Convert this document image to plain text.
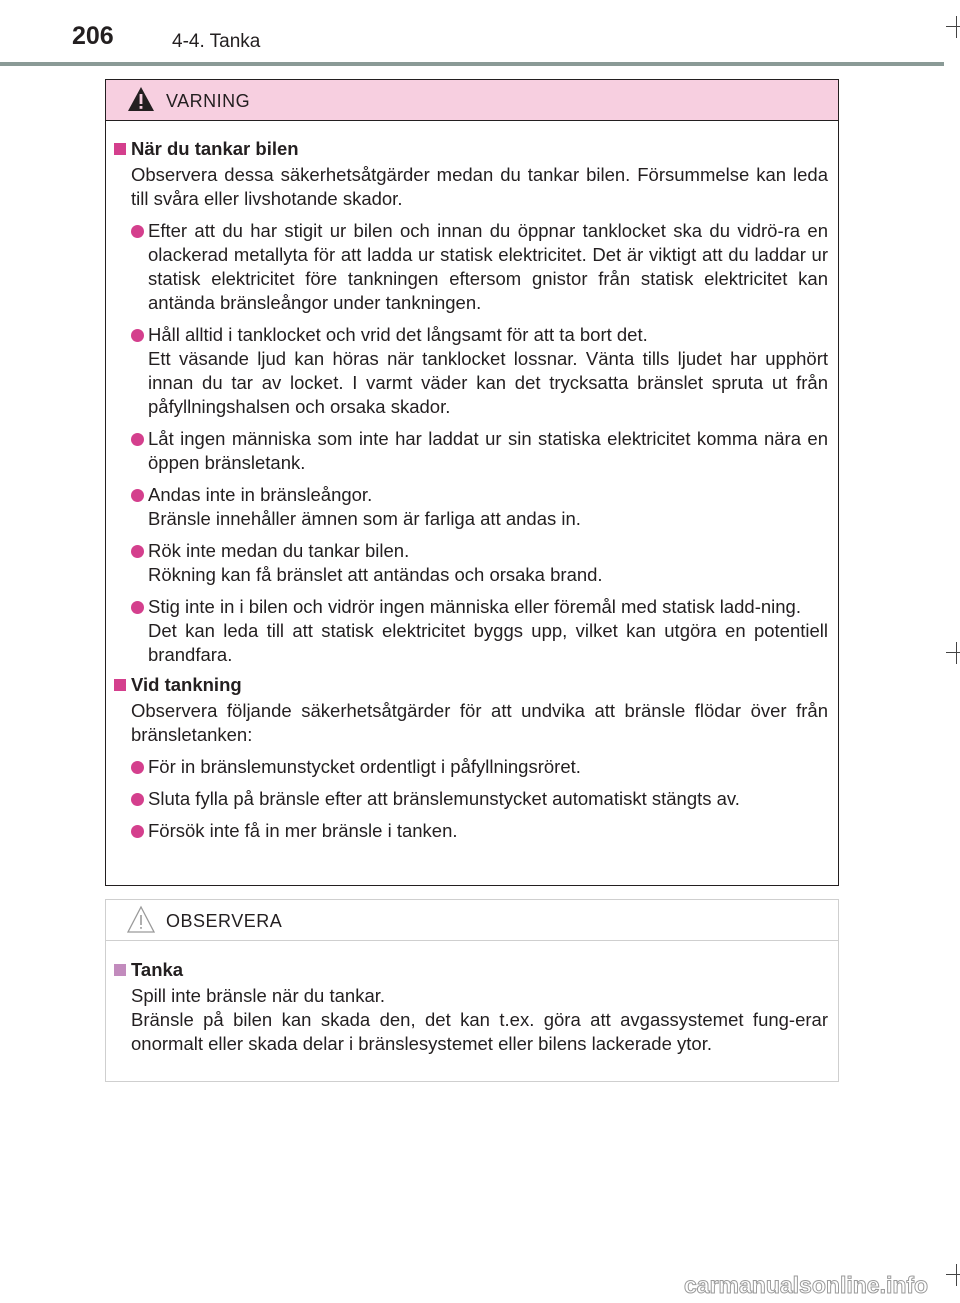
206	4-4. Tanka
VARNING
När du tankar bilen
Observera dessa säkerhetsåtgärder medan du tankar bilen. Försummelse kan leda till svåra eller livshotande skador.

Efter att du har stigit ur bilen och innan du öppnar tanklocket ska du vidrö-ra en olackerad metallyta för att ladda ur statisk elektricitet. Det är viktigt att du laddar ur statisk elektricitet före tankningen eftersom gnistor från statisk elektricitet kan antända bränsleångor under tankningen.

Håll alltid i tanklocket och vrid det långsamt för att ta bort det.

Ett väsande ljud kan höras när tanklocket lossnar. Vänta tills ljudet har upphört innan du tar av locket. I varmt väder kan det trycksatta bränslet spruta ut från påfyllningshalsen och orsaka skador.

Låt ingen människa som inte har laddat ur sin statiska elektricitet komma nära en öppen bränsletank.

Andas inte in bränsleångor.

Bränsle innehåller ämnen som är farliga att andas in.

Rök inte medan du tankar bilen.

Rökning kan få bränslet att antändas och orsaka brand.

Stig inte in i bilen och vidrör ingen människa eller föremål med statisk ladd-ning.

Det kan leda till att statisk elektricitet byggs upp, vilket kan utgöra en potentiell brandfara.

Vid tankning
Observera följande säkerhetsåtgärder för att undvika att bränsle flödar över från bränsletanken:

För in bränslemunstycket ordentligt i påfyllningsröret.

Sluta fylla på bränsle efter att bränslemunstycket automatiskt stängts av.

Försök inte få in mer bränsle i tanken.

OBSERVERA
Tanka

Spill inte bränsle när du tankar.

Bränsle på bilen kan skada den, det kan t.ex. göra att avgassystemet fung-erar onormalt eller skada delar i bränslesystemet eller bilens lackerade ytor.

carmanualsonline.info
